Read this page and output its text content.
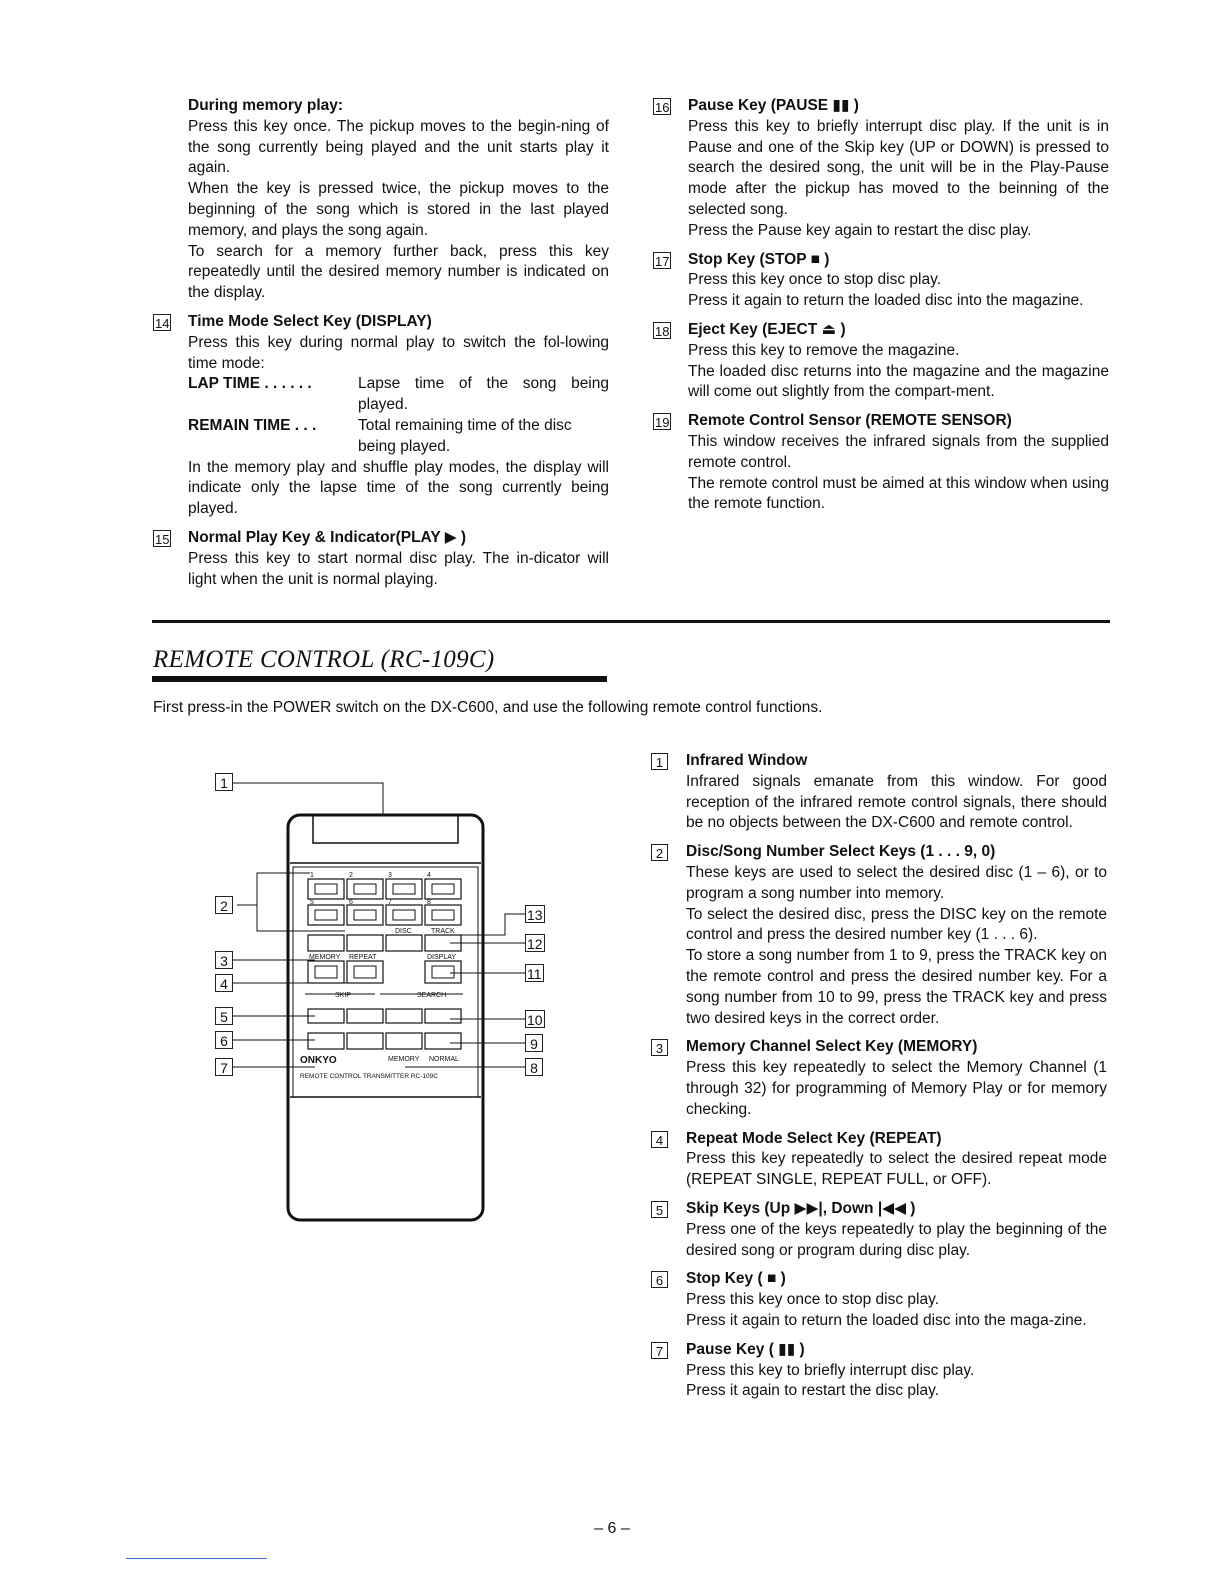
During memory play:

Press this key once. The pickup moves to the begin-ning of the song currently being played and the unit starts play it again.

When the key is pressed twice, the pickup moves to the beginning of the song which is stored in the last played memory, and plays the song again.

To search for a memory further back, press this key repeatedly until the desired memory number is indicated on the display.

14 Time Mode Select Key (DISPLAY)

Press this key during normal play to switch the fol-lowing time mode:

LAP TIME . . . . . .	Lapse time of the song being played.
REMAIN TIME . . .	Total remaining time of the disc being played.

In the memory play and shuffle play modes, the display will indicate only the lapse time of the song currently being played.

15 Normal Play Key & Indicator(PLAY ▶ )

Press this key to start normal disc play. The in-dicator will light when the unit is normal playing.

16 Pause Key (PAUSE ▮▮ )

Press this key to briefly interrupt disc play. If the unit is in Pause and one of the Skip key (UP or DOWN) is pressed to search the desired song, the unit will be in the Play-Pause mode after the pickup has moved to the beinning of the selected song.

Press the Pause key again to restart the disc play.

17 Stop Key (STOP ■ )

Press this key once to stop disc play.

Press it again to return the loaded disc into the magazine.

18 Eject Key (EJECT ⏏ )

Press this key to remove the magazine.

The loaded disc returns into the magazine and the magazine will come out slightly from the compart-ment.

19 Remote Control Sensor (REMOTE SENSOR)

This window receives the infrared signals from the supplied remote control.

The remote control must be aimed at this window when using the remote function.

REMOTE CONTROL (RC-109C)
First press-in the POWER switch on the DX-C600, and use the following remote control functions.
1	2	3	4
5	6	7	8
DISC	TRACK
MEMORY REPEAT	DISPLAY
SKIP	SEARCH
MEMORY NORMAL
REMOTE CONTROL TRANSMITTER RC-109C
ONKYO
1
2
3
4
5
6
7
13
12
11
10
9
8
1	Infrared Window

Infrared signals emanate from this window. For good reception of the infrared remote control signals, there should be no objects between the DX-C600 and remote control.

2	Disc/Song Number Select Keys (1 . . . 9, 0)

These keys are used to select the desired disc (1 – 6), or to program a song number into memory.

To select the desired disc, press the DISC key on the remote control and press the desired number key (1 . . . 6).

To store a song number from 1 to 9, press the TRACK key on the remote control and press the desired number key. For a song number from 10 to 99, press the TRACK key and press two desired keys in the correct order.

3	Memory Channel Select Key (MEMORY)

Press this key repeatedly to select the Memory Channel (1 through 32) for programming of Memory Play or for memory checking.

4	Repeat Mode Select Key (REPEAT)

Press this key repeatedly to select the desired repeat mode (REPEAT SINGLE, REPEAT FULL, or OFF).

5	Skip Keys (Up ▶▶|, Down |◀◀ )

Press one of the keys repeatedly to play the beginning of the desired song or program during disc play.

6	Stop Key ( ■ )

Press this key once to stop disc play.

Press it again to return the loaded disc into the maga-zine.

7	Pause Key ( ▮▮ )

Press this key to briefly interrupt disc play.

Press it again to restart the disc play.

– 6 –
